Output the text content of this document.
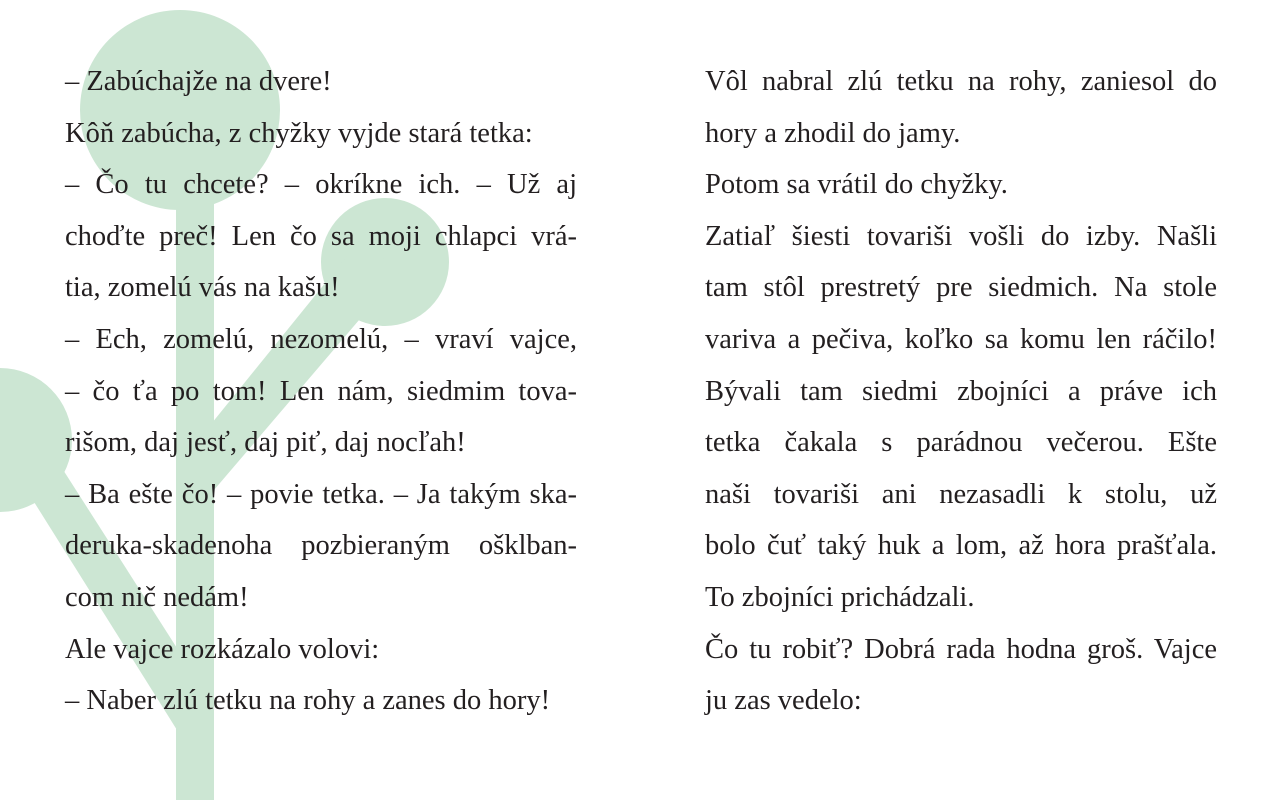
– Zabúchajže na dvere!
Kôň zabúcha, z chyžky vyjde stará tetka:
– Čo tu chcete? – okríkne ich. – Už aj
choďte preč! Len čo sa moji chlapci vrá-
tia, zomelú vás na kašu!
– Ech, zomelú, nezomelú, – vraví vajce,
– čo ťa po tom! Len nám, siedmim tova-
rišom, daj jesť, daj piť, daj nocľah!
– Ba ešte čo! – povie tetka. – Ja takým ska-
deruka-skadenoha pozbieraným ošklban-
com nič nedám!
Ale vajce rozkázalo volovi:
– Naber zlú tetku na rohy a zanes do hory!
Vôl nabral zlú tetku na rohy, zaniesol do
hory a zhodil do jamy.
Potom sa vrátil do chyžky.
Zatiaľ šiesti tovariši vošli do izby. Našli
tam stôl prestretý pre siedmich. Na stole
variva a pečiva, koľko sa komu len ráčilo!
Bývali tam siedmi zbojníci a práve ich
tetka čakala s parádnou večerou. Ešte
naši tovariši ani nezasadli k stolu, už
bolo čuť taký huk a lom, až hora prašťala.
To zbojníci prichádzali.
Čo tu robiť? Dobrá rada hodna groš. Vajce
ju zas vedelo:
